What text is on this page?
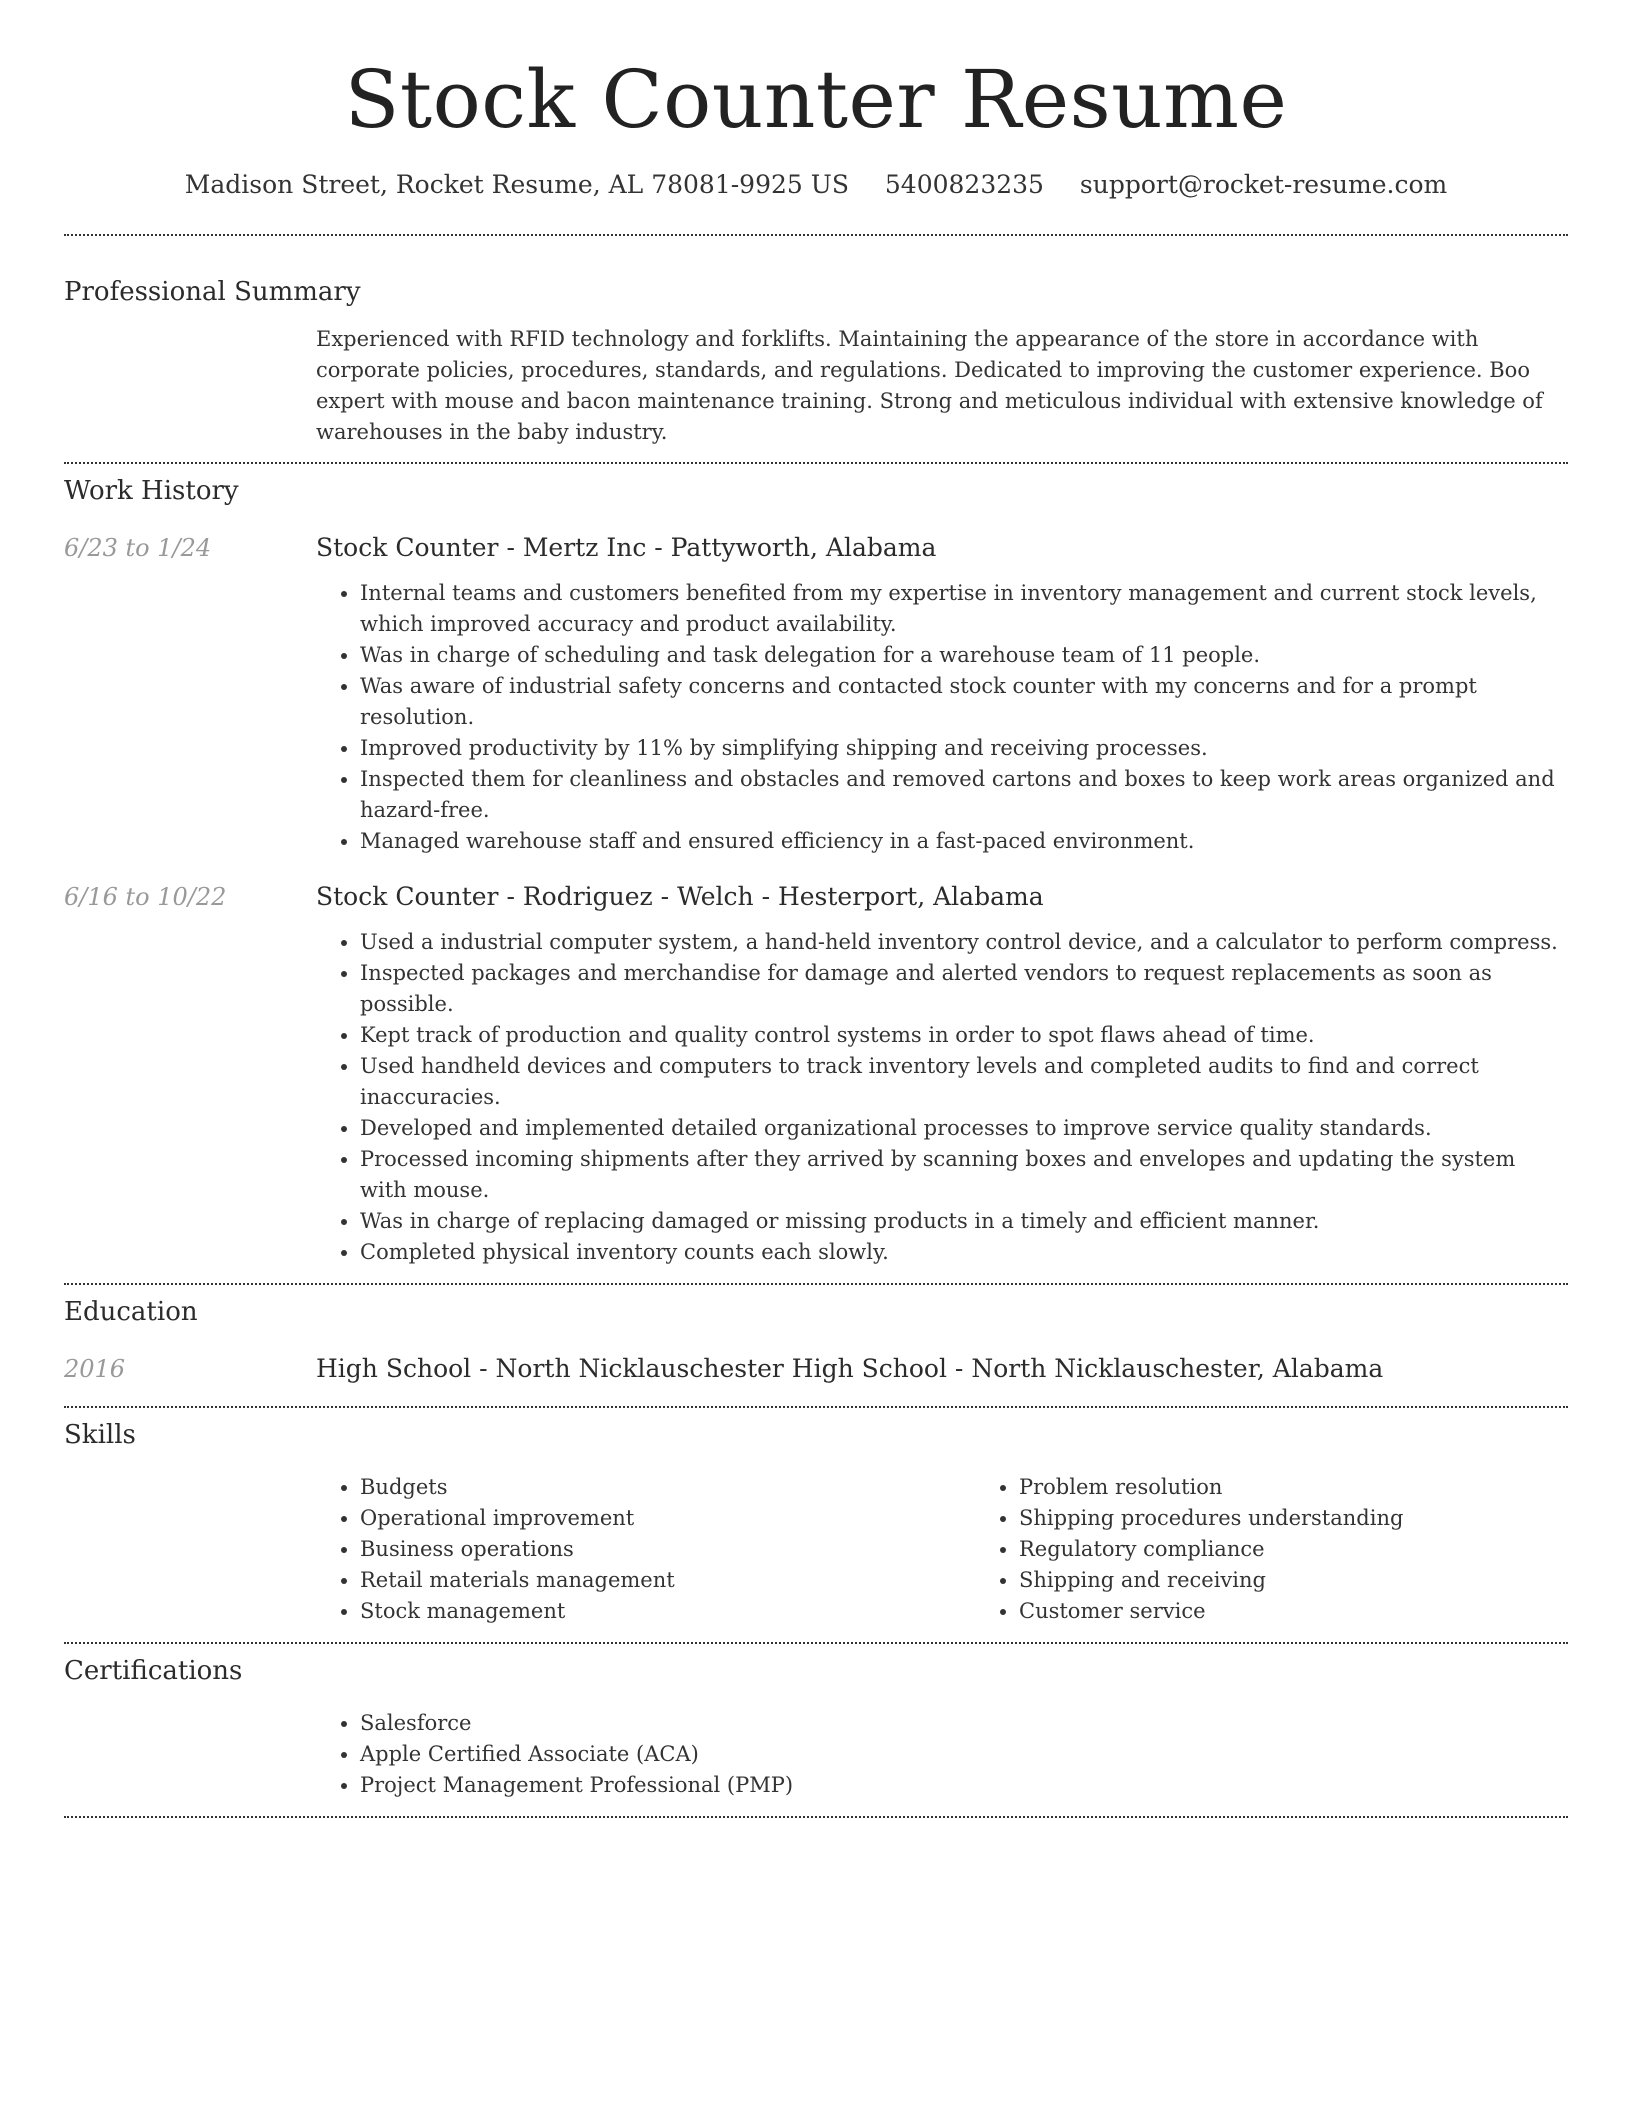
Stock Counter Resume
Madison Street, Rocket Resume, AL 78081-9925 US 5400823235 support@rocket-resume.com
Professional Summary

Experienced with RFID technology and forklifts. Maintaining the appearance of the store in accordance with corporate policies, procedures, standards, and regulations. Dedicated to improving the customer experience. Boo expert with mouse and bacon maintenance training. Strong and meticulous individual with extensive knowledge of warehouses in the baby industry.

Work History
6/23 to 1/24	Stock Counter - Mertz Inc - Pattyworth, Alabama
• Internal teams and customers benefited from my expertise in inventory management and current stock levels, which improved accuracy and product availability.
• Was in charge of scheduling and task delegation for a warehouse team of 11 people.
• Was aware of industrial safety concerns and contacted stock counter with my concerns and for a prompt resolution.
• Improved productivity by 11% by simplifying shipping and receiving processes.
• Inspected them for cleanliness and obstacles and removed cartons and boxes to keep work areas organized and hazard-free.
• Managed warehouse staff and ensured efficiency in a fast-paced environment.
6/16 to 10/22	Stock Counter - Rodriguez - Welch - Hesterport, Alabama
• Used a industrial computer system, a hand-held inventory control device, and a calculator to perform compress.
• Inspected packages and merchandise for damage and alerted vendors to request replacements as soon as possible.
• Kept track of production and quality control systems in order to spot flaws ahead of time.
• Used handheld devices and computers to track inventory levels and completed audits to find and correct inaccuracies.
• Developed and implemented detailed organizational processes to improve service quality standards.
• Processed incoming shipments after they arrived by scanning boxes and envelopes and updating the system with mouse.
• Was in charge of replacing damaged or missing products in a timely and efficient manner.
• Completed physical inventory counts each slowly.
Education
2016	High School - North Nicklauschester High School - North Nicklauschester, Alabama
Skills
• Budgets
• Operational improvement
• Business operations
• Retail materials management
• Stock management
• Problem resolution
• Shipping procedures understanding
• Regulatory compliance
• Shipping and receiving
• Customer service
Certifications
• Salesforce
• Apple Certified Associate (ACA)
• Project Management Professional (PMP)
